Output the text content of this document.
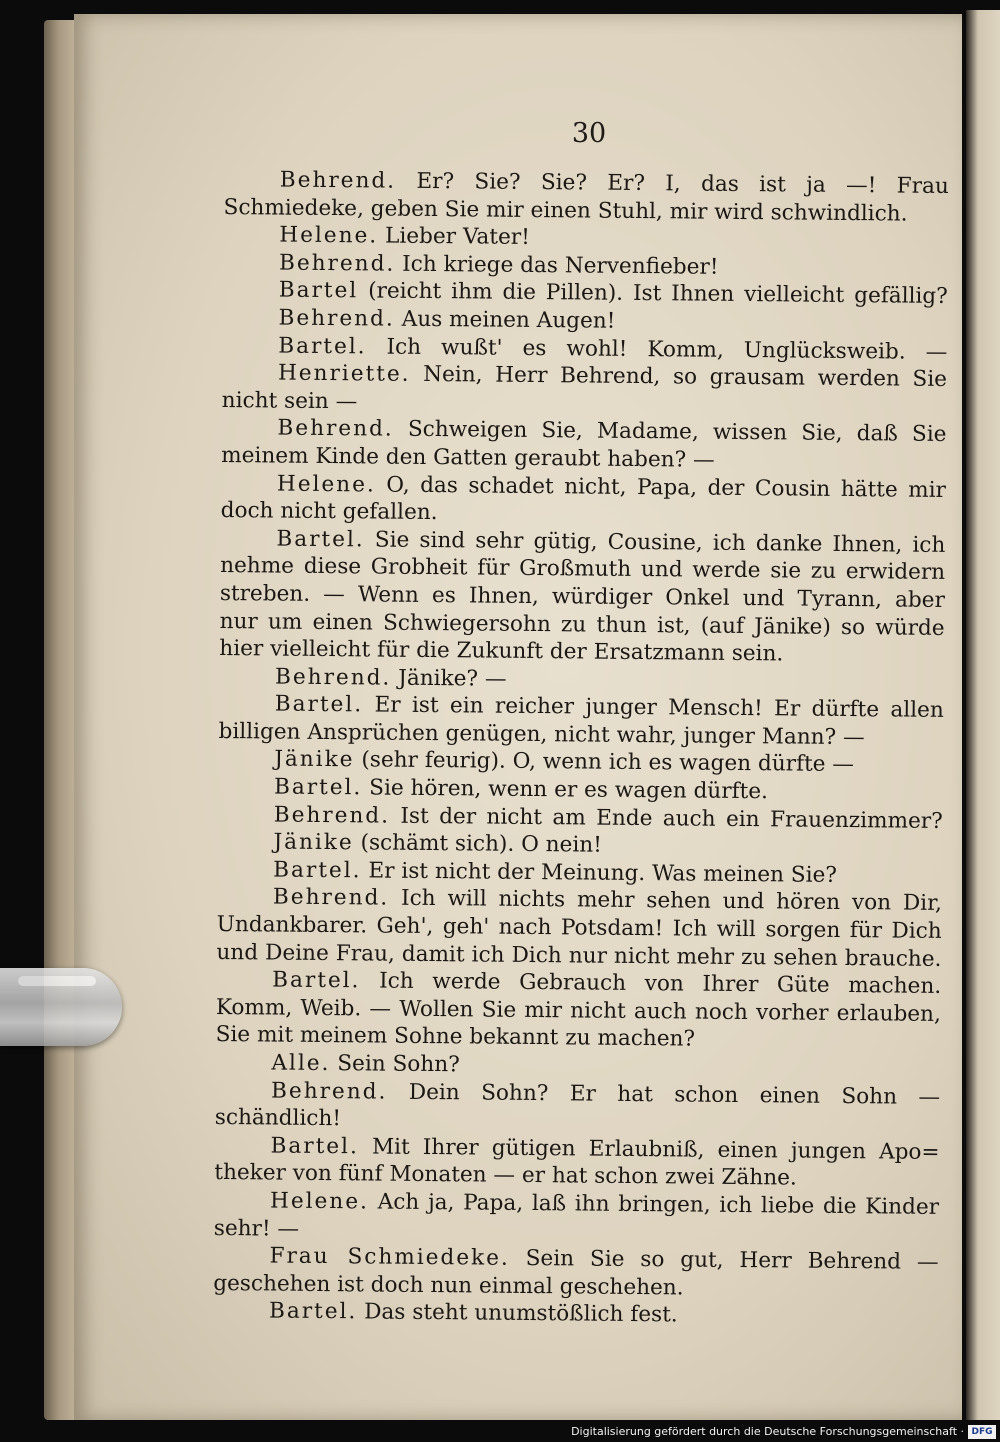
30
Behrend. Er? Sie? Sie? Er? I, das ist ja —! Frau
Schmiedeke, geben Sie mir einen Stuhl, mir wird schwindlich.
Helene. Lieber Vater!
Behrend. Ich kriege das Nervenfieber!
Bartel (reicht ihm die Pillen). Ist Ihnen vielleicht gefällig?
Behrend. Aus meinen Augen!
Bartel. Ich wußt' es wohl! Komm, Unglücksweib. —
Henriette. Nein, Herr Behrend, so grausam werden Sie
nicht sein —
Behrend. Schweigen Sie, Madame, wissen Sie, daß Sie
meinem Kinde den Gatten geraubt haben? —
Helene. O, das schadet nicht, Papa, der Cousin hätte mir
doch nicht gefallen.
Bartel. Sie sind sehr gütig, Cousine, ich danke Ihnen, ich
nehme diese Grobheit für Großmuth und werde sie zu erwidern
streben. — Wenn es Ihnen, würdiger Onkel und Tyrann, aber
nur um einen Schwiegersohn zu thun ist, (auf Jänike) so würde
hier vielleicht für die Zukunft der Ersatzmann sein.
Behrend. Jänike? —
Bartel. Er ist ein reicher junger Mensch! Er dürfte allen
billigen Ansprüchen genügen, nicht wahr, junger Mann? —
Jänike (sehr feurig). O, wenn ich es wagen dürfte —
Bartel. Sie hören, wenn er es wagen dürfte.
Behrend. Ist der nicht am Ende auch ein Frauenzimmer?
Jänike (schämt sich). O nein!
Bartel. Er ist nicht der Meinung. Was meinen Sie?
Behrend. Ich will nichts mehr sehen und hören von Dir,
Undankbarer. Geh', geh' nach Potsdam! Ich will sorgen für Dich
und Deine Frau, damit ich Dich nur nicht mehr zu sehen brauche.
Bartel. Ich werde Gebrauch von Ihrer Güte machen.
Komm, Weib. — Wollen Sie mir nicht auch noch vorher erlauben,
Sie mit meinem Sohne bekannt zu machen?
Alle. Sein Sohn?
Behrend. Dein Sohn? Er hat schon einen Sohn —
schändlich!
Bartel. Mit Ihrer gütigen Erlaubniß, einen jungen Apo=
theker von fünf Monaten — er hat schon zwei Zähne.
Helene. Ach ja, Papa, laß ihn bringen, ich liebe die Kinder
sehr! —
Frau Schmiedeke. Sein Sie so gut, Herr Behrend —
geschehen ist doch nun einmal geschehen.
Bartel. Das steht unumstößlich fest.
Digitalisierung gefördert durch die Deutsche Forschungsgemeinschaft · DFG
